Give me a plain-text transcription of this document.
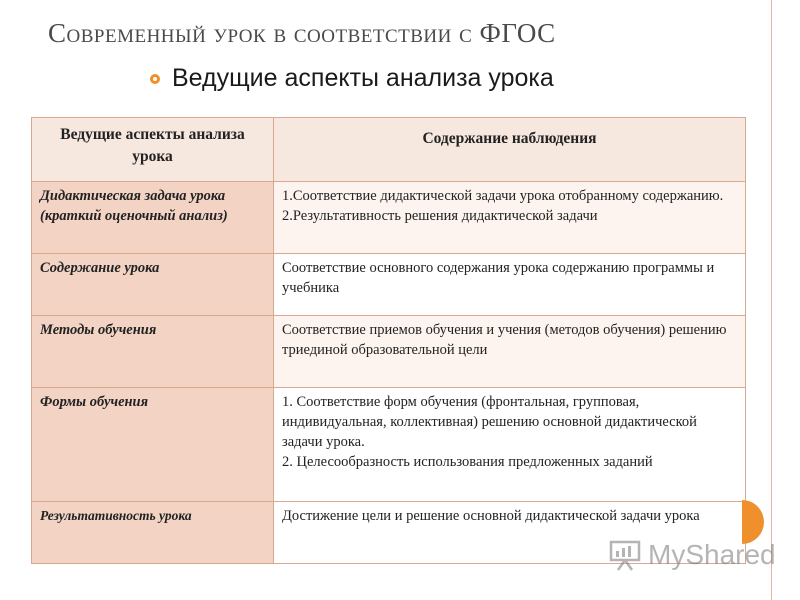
Современный урок в соответствии с ФГОС
Ведущие аспекты анализа урока
Ведущие аспекты анализа урока	Содержание наблюдения
Дидактическая задача урока (краткий оценочный анализ)	1.Соответствие дидактической задачи урока отобранному содержанию.
2.Результативность решения дидактической задачи

Содержание урока	Соответствие основного содержания урока содержанию программы и учебника

Методы обучения	Соответствие приемов обучения и учения (методов обучения) решению триединой образовательной цели

Формы обучения	1. Соответствие форм обучения (фронтальная, групповая, индивидуальная, коллективная) решению основной дидактической задачи урока.
2. Целесообразность использования предложенных заданий

Результативность урока	Достижение цели и решение основной дидактической задачи урока
MyShared
